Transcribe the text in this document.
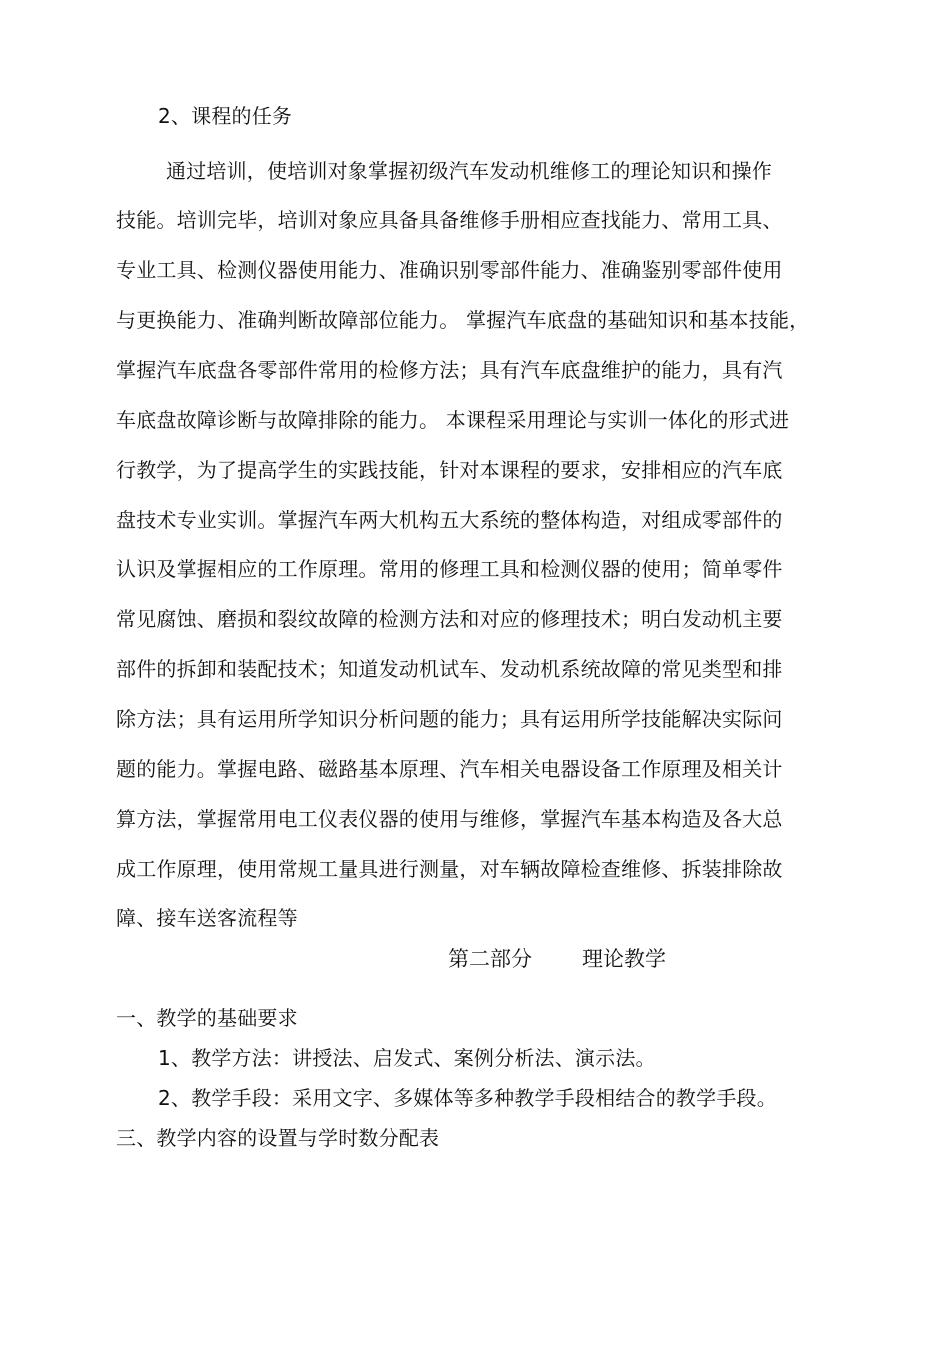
2、课程的任务
通过培训，使培训对象掌握初级汽车发动机维修工的理论知识和操作
技能。培训完毕，培训对象应具备具备维修手册相应查找能力、常用工具、
专业工具、检测仪器使用能力、准确识别零部件能力、准确鉴别零部件使用
与更换能力、准确判断故障部位能力。 掌握汽车底盘的基础知识和基本技能，
掌握汽车底盘各零部件常用的检修方法；具有汽车底盘维护的能力，具有汽
车底盘故障诊断与故障排除的能力。 本课程采用理论与实训一体化的形式进
行教学，为了提高学生的实践技能，针对本课程的要求，安排相应的汽车底
盘技术专业实训。掌握汽车两大机构五大系统的整体构造，对组成零部件的
认识及掌握相应的工作原理。常用的修理工具和检测仪器的使用；简单零件
常见腐蚀、磨损和裂纹故障的检测方法和对应的修理技术；明白发动机主要
部件的拆卸和装配技术；知道发动机试车、发动机系统故障的常见类型和排
除方法；具有运用所学知识分析问题的能力；具有运用所学技能解决实际问
题的能力。掌握电路、磁路基本原理、汽车相关电器设备工作原理及相关计
算方法，掌握常用电工仪表仪器的使用与维修，掌握汽车基本构造及各大总
成工作原理，使用常规工量具进行测量，对车辆故障检查维修、拆装排除故
障、接车送客流程等
第二部分 理论教学
一、教学的基础要求
1、教学方法：讲授法、启发式、案例分析法、演示法。
2、教学手段：采用文字、多媒体等多种教学手段相结合的教学手段。
三、教学内容的设置与学时数分配表
